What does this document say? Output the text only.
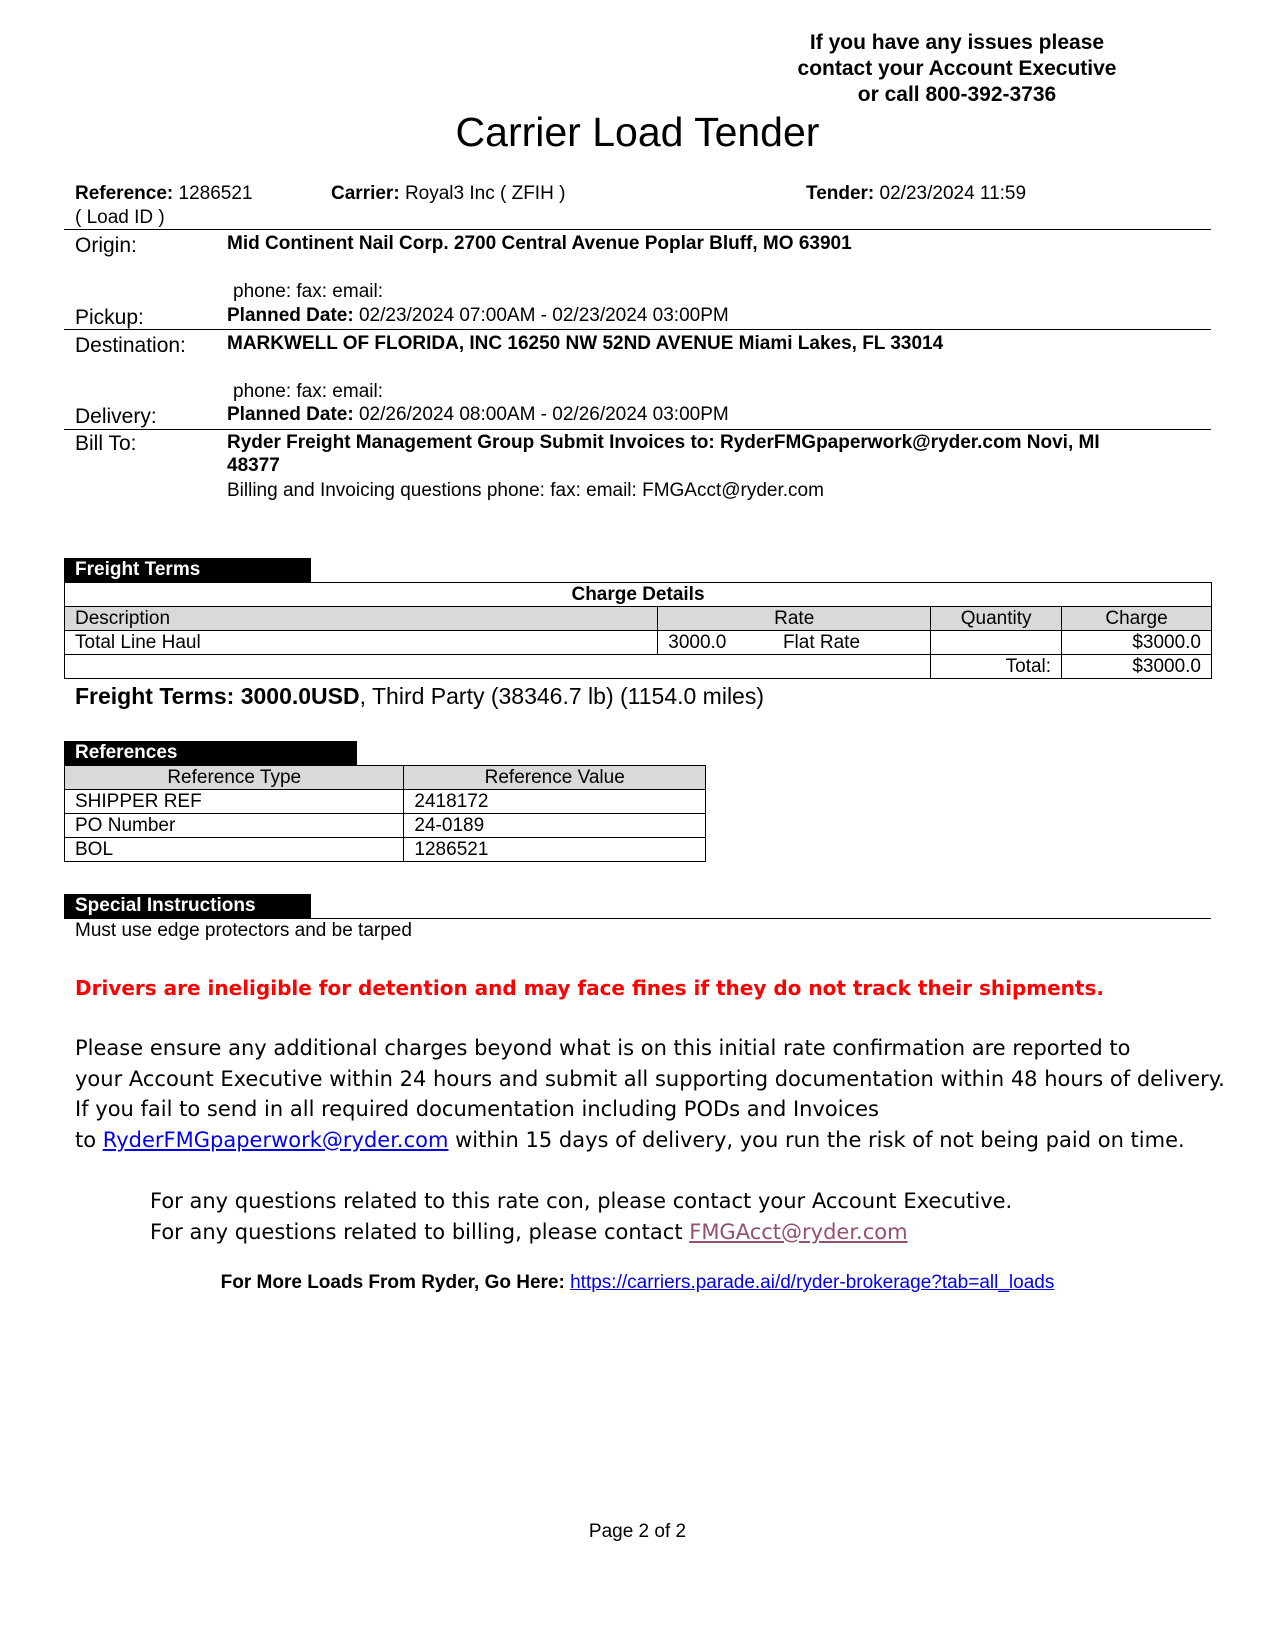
If you have any issues please
contact your Account Executive
or call 800-392-3736
Carrier Load Tender
Reference: 1286521
( Load ID )
Carrier: Royal3 Inc ( ZFIH )	Tender: 02/23/2024 11:59
Origin:	Mid Continent Nail Corp. 2700 Central Avenue Poplar Bluff, MO 63901
phone: fax: email:
Pickup:	Planned Date: 02/23/2024 07:00AM - 02/23/2024 03:00PM
Destination: MARKWELL OF FLORIDA, INC 16250 NW 52ND AVENUE Miami Lakes, FL 33014
phone: fax: email:
Delivery:	Planned Date: 02/26/2024 08:00AM - 02/26/2024 03:00PM
Bill To:	Ryder Freight Management Group Submit Invoices to: RyderFMGpaperwork@ryder.com Novi, MI
48377
Billing and Invoicing questions phone: fax: email: FMGAcct@ryder.com
Freight Terms
Charge Details			
Description	Rate	Quantity	Charge
Total Line Haul	3000.0 Flat Rate		$3000.0
		Total:	$3000.0
Freight Terms: 3000.0USD, Third Party (38346.7 lb) (1154.0 miles)
References
Reference Type	Reference Value
SHIPPER REF	2418172
PO Number	24-0189
BOL	1286521
Special Instructions
Must use edge protectors and be tarped
Drivers are ineligible for detention and may face fines if they do not track their shipments.
Please ensure any additional charges beyond what is on this initial rate confirmation are reported to
your Account Executive within 24 hours and submit all supporting documentation within 48 hours of delivery.
If you fail to send in all required documentation including PODs and Invoices
to RyderFMGpaperwork@ryder.com within 15 days of delivery, you run the risk of not being paid on time.
For any questions related to this rate con, please contact your Account Executive.
For any questions related to billing, please contact FMGAcct@ryder.com
For More Loads From Ryder, Go Here: https://carriers.parade.ai/d/ryder-brokerage?tab=all_loads
Page 2 of 2
